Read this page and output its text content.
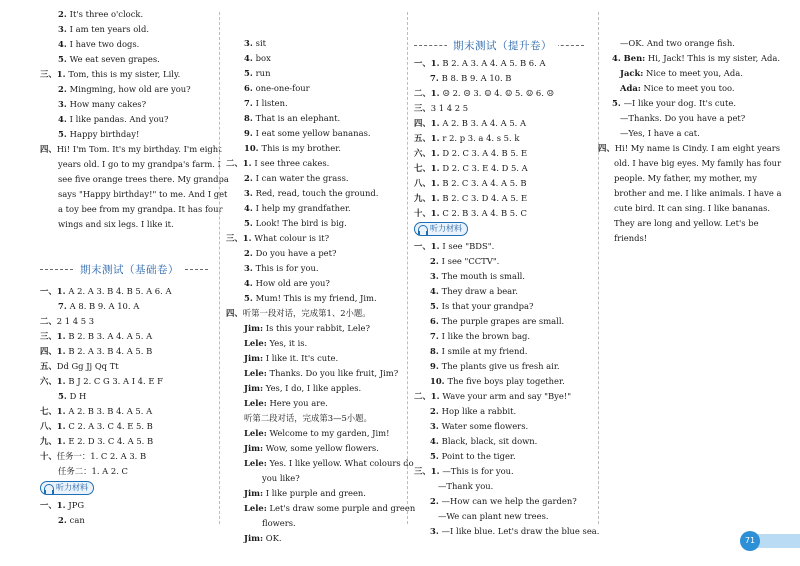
2. It's three o'clock.
3. I am ten years old.
4. I have two dogs.
5. We eat seven grapes.
三、1. Tom, this is my sister, Lily.
2. Mingming, how old are you?
3. How many cakes?
4. I like pandas. And you?
5. Happy birthday!
四、Hi! I'm Tom. It's my birthday. I'm eight
years old. I go to my grandpa's farm. I
see five orange trees there. My grandpa
says "Happy birthday!" to me. And I get
a toy bee from my grandpa. It has four
wings and six legs. I like it.
期末测试（基础卷）
一、1. A 2. A 3. B 4. B 5. A 6. A
7. A 8. B 9. A 10. A
二、2 1 4 5 3
三、1. B 2. B 3. A 4. A 5. A
四、1. B 2. A 3. B 4. A 5. B
五、Dd Gg Jj Qq Tt
六、1. B J 2. C G 3. A I 4. E F
5. D H
七、1. A 2. B 3. B 4. A 5. A
八、1. C 2. A 3. C 4. E 5. B
九、1. E 2. D 3. C 4. A 5. B
十、任务一：1. C 2. A 3. B
任务二：1. A 2. C
听力材料
一、1. JPG
2. can
3. sit
4. box
5. run
6. one-one-four
7. I listen.
8. That is an elephant.
9. I eat some yellow bananas.
10. This is my brother.
二、1. I see three cakes.
2. I can water the grass.
3. Red, read, touch the ground.
4. I help my grandfather.
5. Look! The bird is big.
三、1. What colour is it?
2. Do you have a pet?
3. This is for you.
4. How old are you?
5. Mum! This is my friend, Jim.
四、听第一段对话，完成第1、2小题。
Jim: Is this your rabbit, Lele?
Lele: Yes, it is.
Jim: I like it. It's cute.
Lele: Thanks. Do you like fruit, Jim?
Jim: Yes, I do, I like apples.
Lele: Here you are.
听第二段对话，完成第3—5小题。
Lele: Welcome to my garden, Jim!
Jim: Wow, some yellow flowers.
Lele: Yes. I like yellow. What colours do
you like?
Jim: I like purple and green.
Lele: Let's draw some purple and green
flowers.
Jim: OK.
期末测试（提升卷）
一、1. B 2. A 3. A 4. A 5. B 6. A
7. B 8. B 9. A 10. B
二、1. ☹ 2. ☹ 3. ☺ 4. ☺ 5. ☺ 6. ☹
三、3 1 4 2 5
四、1. A 2. B 3. A 4. A 5. A
五、1. r 2. p 3. a 4. s 5. k
六、1. D 2. C 3. A 4. B 5. E
七、1. D 2. C 3. E 4. D 5. A
八、1. B 2. C 3. A 4. A 5. B
九、1. B 2. C 3. D 4. A 5. E
十、1. C 2. B 3. A 4. B 5. C
听力材料
一、1. I see "BDS".
2. I see "CCTV".
3. The mouth is small.
4. They draw a bear.
5. Is that your grandpa?
6. The purple grapes are small.
7. I like the brown bag.
8. I smile at my friend.
9. The plants give us fresh air.
10. The five boys play together.
二、1. Wave your arm and say "Bye!"
2. Hop like a rabbit.
3. Water some flowers.
4. Black, black, sit down.
5. Point to the tiger.
三、1. —This is for you.
—Thank you.
2. —How can we help the garden?
—We can plant new trees.
3. —I like blue. Let's draw the blue sea.
—OK. And two orange fish.
4. Ben: Hi, Jack! This is my sister, Ada.
Jack: Nice to meet you, Ada.
Ada: Nice to meet you too.
5. —I like your dog. It's cute.
—Thanks. Do you have a pet?
—Yes, I have a cat.
四、Hi! My name is Cindy. I am eight years
old. I have big eyes. My family has four
people. My father, my mother, my
brother and me. I like animals. I have a
cute bird. It can sing. I like bananas.
They are long and yellow. Let's be
friends!
71
